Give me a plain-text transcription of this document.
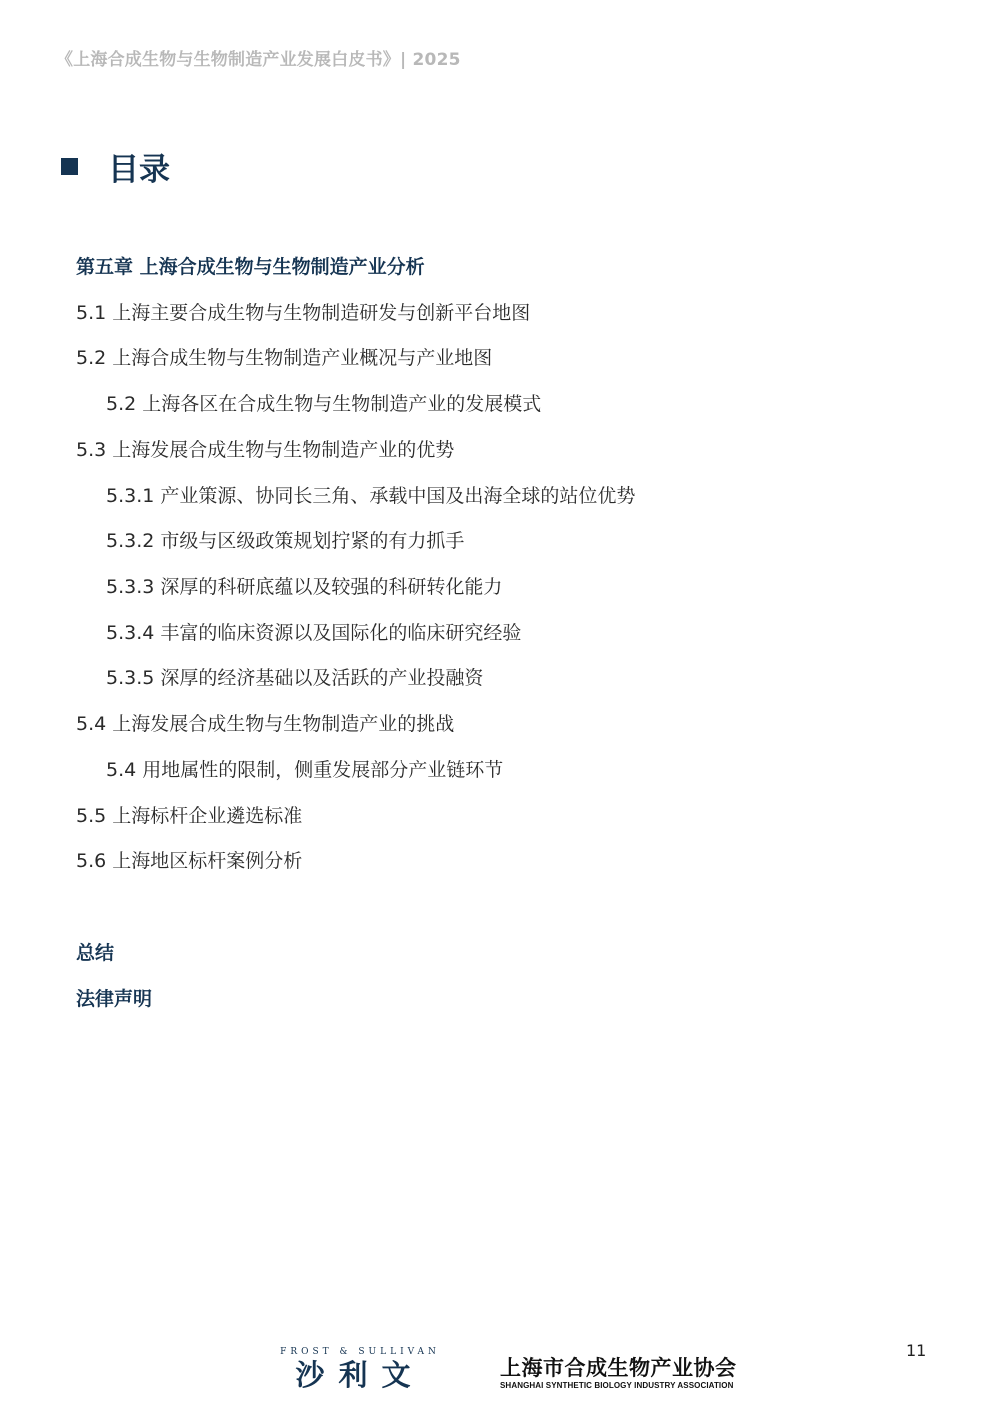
《上海合成生物与生物制造产业发展白皮书》| 2025
目录
第五章 上海合成生物与生物制造产业分析
5.1 上海主要合成生物与生物制造研发与创新平台地图
5.2 上海合成生物与生物制造产业概况与产业地图
5.2 上海各区在合成生物与生物制造产业的发展模式
5.3 上海发展合成生物与生物制造产业的优势
5.3.1 产业策源、协同长三角、承载中国及出海全球的站位优势
5.3.2 市级与区级政策规划拧紧的有力抓手
5.3.3 深厚的科研底蕴以及较强的科研转化能力
5.3.4 丰富的临床资源以及国际化的临床研究经验
5.3.5 深厚的经济基础以及活跃的产业投融资
5.4 上海发展合成生物与生物制造产业的挑战
5.4 用地属性的限制，侧重发展部分产业链环节
5.5 上海标杆企业遴选标准
5.6 上海地区标杆案例分析
总结
法律声明
FROST & SULLIVAN
沙利文	上海市合成生物产业协会
SHANGHAI SYNTHETIC BIOLOGY INDUSTRY ASSOCIATION
11
